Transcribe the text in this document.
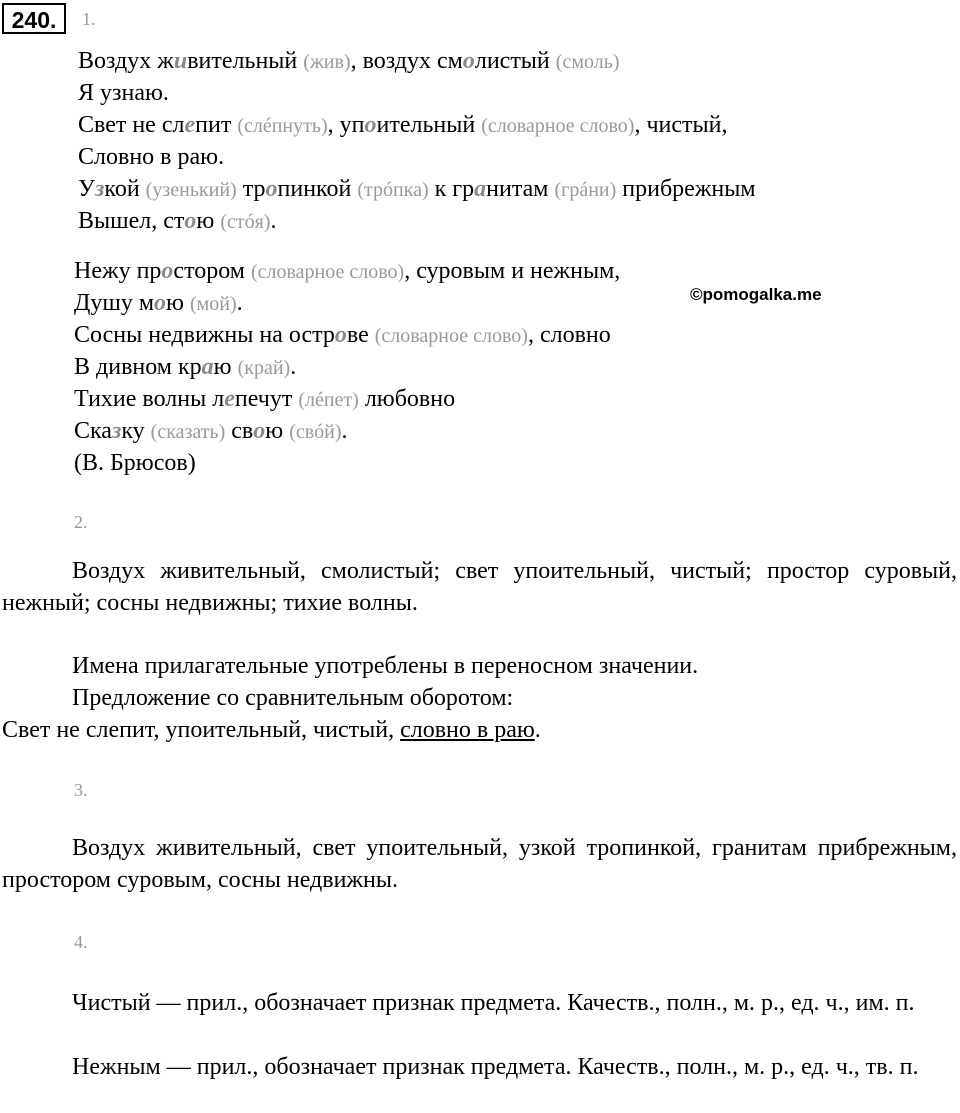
240.	1.
Воздух живительный (жив), воздух смолистый (смоль)
Я узнаю.
Свет не слепит (слéпнуть), упоительный (словарное слово), чистый,
Словно в раю.
Узкой (узенький) тропинкой (трóпка) к гранитам (грáни) прибрежным
Вышел, стою (стóя).
Нежу простором (словарное слово), суровым и нежным,
Душу мою (мой).	©pomogalka.me
Сосны недвижны на острове (словарное слово), словно
В дивном краю (край).
Тихие волны лепечут (лéпет) любовно
Сказку (сказать) свою (свóй).
(В. Брюсов)
2.
Воздух живительный, смолистый; свет упоительный, чистый; простор суровый, нежный; сосны недвижны; тихие волны.
Имена прилагательные употреблены в переносном значении.
Предложение со сравнительным оборотом:
Свет не слепит, упоительный, чистый, словно в раю.
3.
Воздух живительный, свет упоительный, узкой тропинкой, гранитам прибрежным, простором суровым, сосны недвижны.
4.
Чистый — прил., обозначает признак предмета. Качеств., полн., м. р., ед. ч., им. п.
Нежным — прил., обозначает признак предмета. Качеств., полн., м. р., ед. ч., тв. п.
